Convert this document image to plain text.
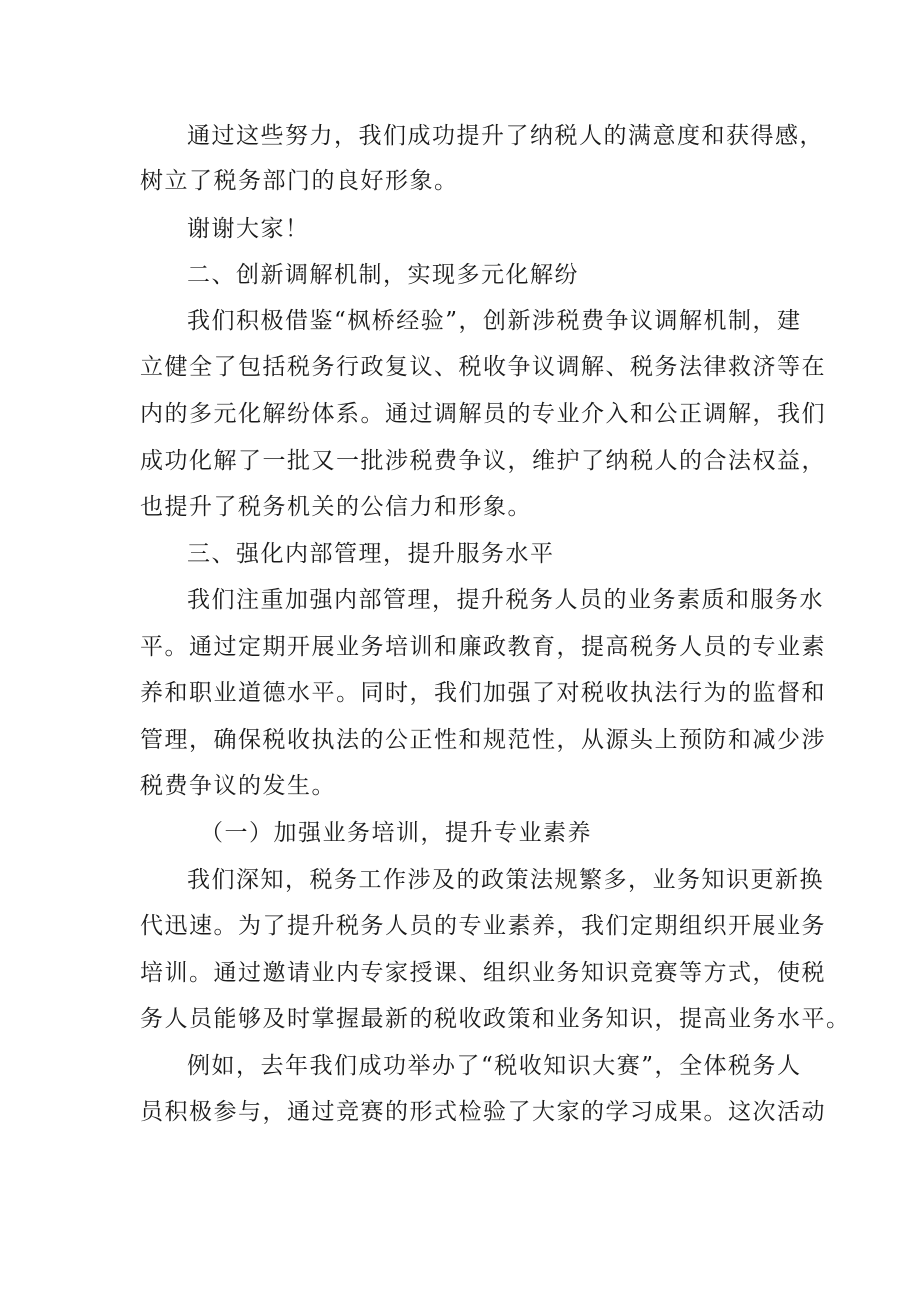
通过这些努力，我们成功提升了纳税人的满意度和获得感，
树立了税务部门的良好形象。
谢谢大家！
二、创新调解机制，实现多元化解纷
我们积极借鉴“枫桥经验”，创新涉税费争议调解机制，建
立健全了包括税务行政复议、税收争议调解、税务法律救济等在
内的多元化解纷体系。通过调解员的专业介入和公正调解，我们
成功化解了一批又一批涉税费争议，维护了纳税人的合法权益，
也提升了税务机关的公信力和形象。
三、强化内部管理，提升服务水平
我们注重加强内部管理，提升税务人员的业务素质和服务水
平。通过定期开展业务培训和廉政教育，提高税务人员的专业素
养和职业道德水平。同时，我们加强了对税收执法行为的监督和
管理，确保税收执法的公正性和规范性，从源头上预防和减少涉
税费争议的发生。
（一）加强业务培训，提升专业素养
我们深知，税务工作涉及的政策法规繁多，业务知识更新换
代迅速。为了提升税务人员的专业素养，我们定期组织开展业务
培训。通过邀请业内专家授课、组织业务知识竞赛等方式，使税
务人员能够及时掌握最新的税收政策和业务知识，提高业务水平。
例如，去年我们成功举办了“税收知识大赛”，全体税务人
员积极参与，通过竞赛的形式检验了大家的学习成果。这次活动
